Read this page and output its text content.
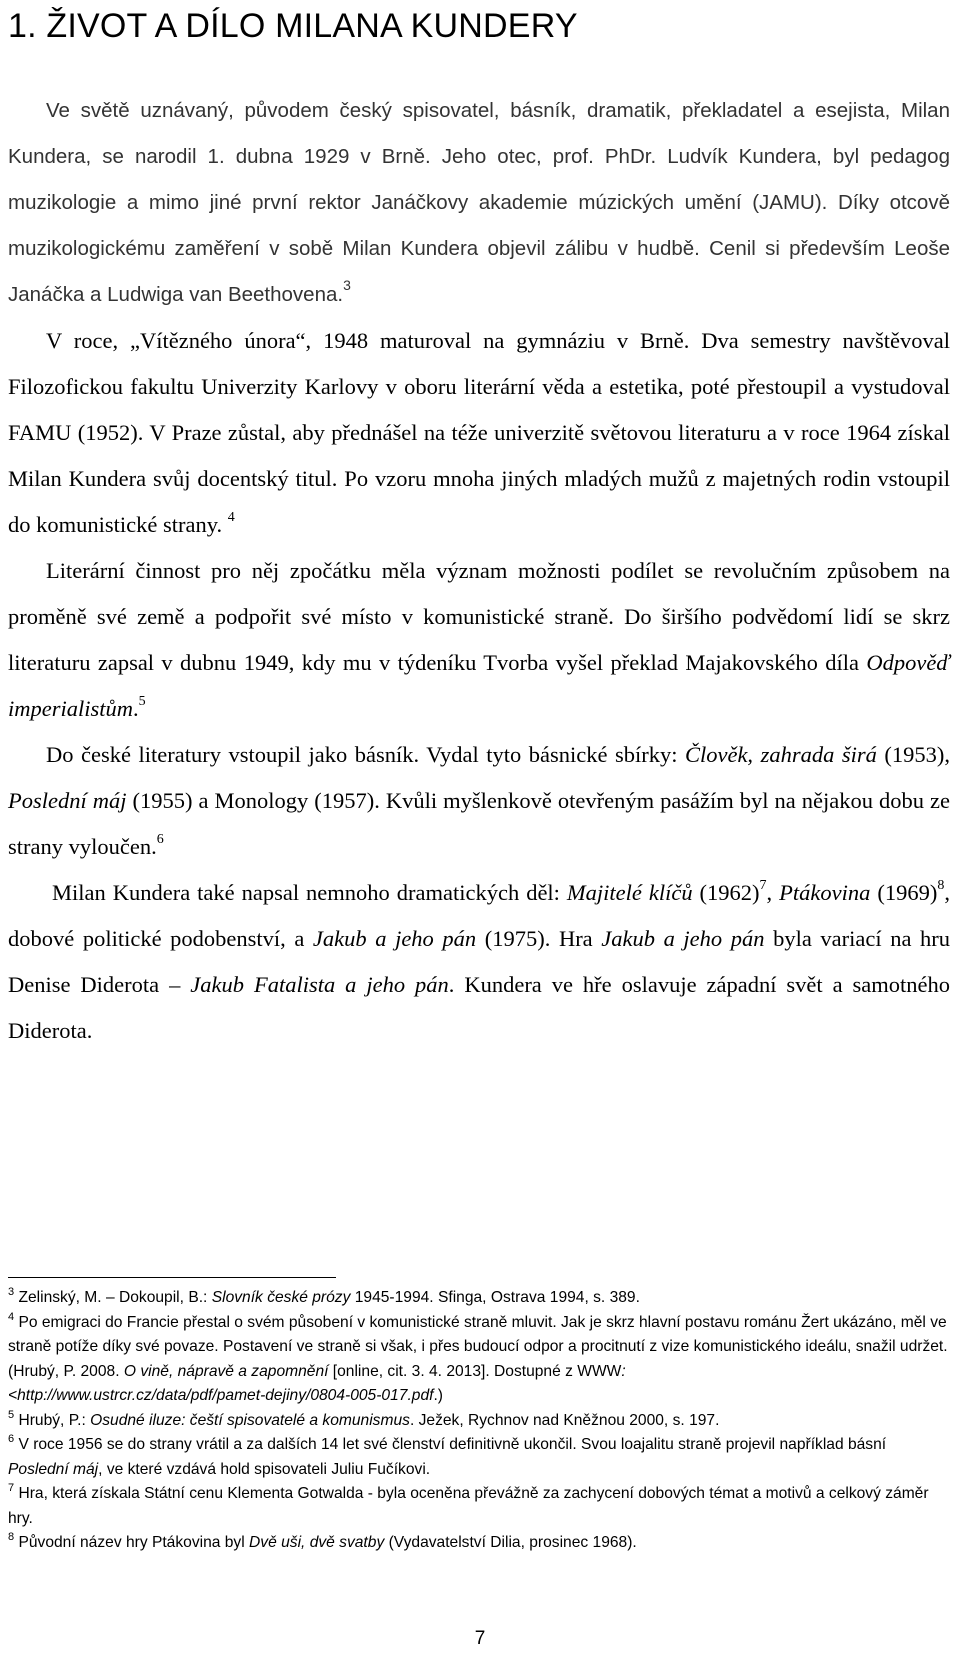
1. ŽIVOT A DÍLO MILANA KUNDERY

Ve světě uznávaný, původem český spisovatel, básník, dramatik, překladatel a esejista, Milan Kundera, se narodil 1. dubna 1929 v Brně. Jeho otec, prof. PhDr. Ludvík Kundera, byl pedagog muzikologie a mimo jiné první rektor Janáčkovy akademie múzických umění (JAMU). Díky otcově muzikologickému zaměření v sobě Milan Kundera objevil zálibu v hudbě. Cenil si především Leoše Janáčka a Ludwiga van Beethovena.$^3$

V roce, „Vítězného února“, 1948 maturoval na gymnáziu v Brně. Dva semestry navštěvoval Filozofickou fakultu Univerzity Karlovy v oboru literární věda a estetika, poté přestoupil a vystudoval FAMU (1952). V Praze zůstal, aby přednášel na téže univerzitě světovou literaturu a v roce 1964 získal Milan Kundera svůj docentský titul. Po vzoru mnoha jiných mladých mužů z majetných rodin vstoupil do komunistické strany. $^4$

Literární činnost pro něj zpočátku měla význam možnosti podílet se revolučním způsobem na proměně své země a podpořit své místo v komunistické straně. Do širšího podvědomí lidí se skrz literaturu zapsal v dubnu 1949, kdy mu v týdeníku Tvorba vyšel překlad Majakovského díla Odpověď imperialistům.$^5$

Do české literatury vstoupil jako básník. Vydal tyto básnické sbírky: Člověk, zahrada širá (1953), Poslední máj (1955) a Monology (1957). Kvůli myšlenkově otevřeným pasážím byl na nějakou dobu ze strany vyloučen.$^6$

Milan Kundera také napsal nemnoho dramatických děl: Majitelé klíčů $(1962)^7$, Ptákovina $(1969)^8$, dobové politické podobenství, a Jakub a jeho pán (1975). Hra Jakub a jeho pán byla variací na hru Denise Diderota – Jakub Fatalista a jeho pán. Kundera ve hře oslavuje západní svět a samotného Diderota.

$^3$ Zelinský, M. – Dokoupil, B.: Slovník české prózy 1945-1994. Sfinga, Ostrava 1994, s. 389.

$^4$ Po emigraci do Francie přestal o svém působení v komunistické straně mluvit. Jak je skrz hlavní postavu románu Žert ukázáno, měl ve straně potíže díky své povaze. Postavení ve straně si však, i přes budoucí odpor a procitnutí z vize komunistického ideálu, snažil udržet.
(Hrubý, P. 2008. O vině, nápravě a zapomnění [online, cit. 3. 4. 2013]. Dostupné z WWW:
<http://www.ustrcr.cz/data/pdf/pamet-dejiny/0804-005-017.pdf.)

$^5$ Hrubý, P.: Osudné iluze: čeští spisovatelé a komunismus. Ježek, Rychnov nad Kněžnou 2000, s. 197.

$^6$ V roce 1956 se do strany vrátil a za dalších 14 let své členství definitivně ukončil. Svou loajalitu straně projevil například básní Poslední máj, ve které vzdává hold spisovateli Juliu Fučíkovi.

$^7$ Hra, která získala Státní cenu Klementa Gotwalda - byla oceněna převážně za zachycení dobových témat a motivů a celkový záměr hry.

$^8$ Původní název hry Ptákovina byl Dvě uši, dvě svatby (Vydavatelství Dilia, prosinec 1968).

7
